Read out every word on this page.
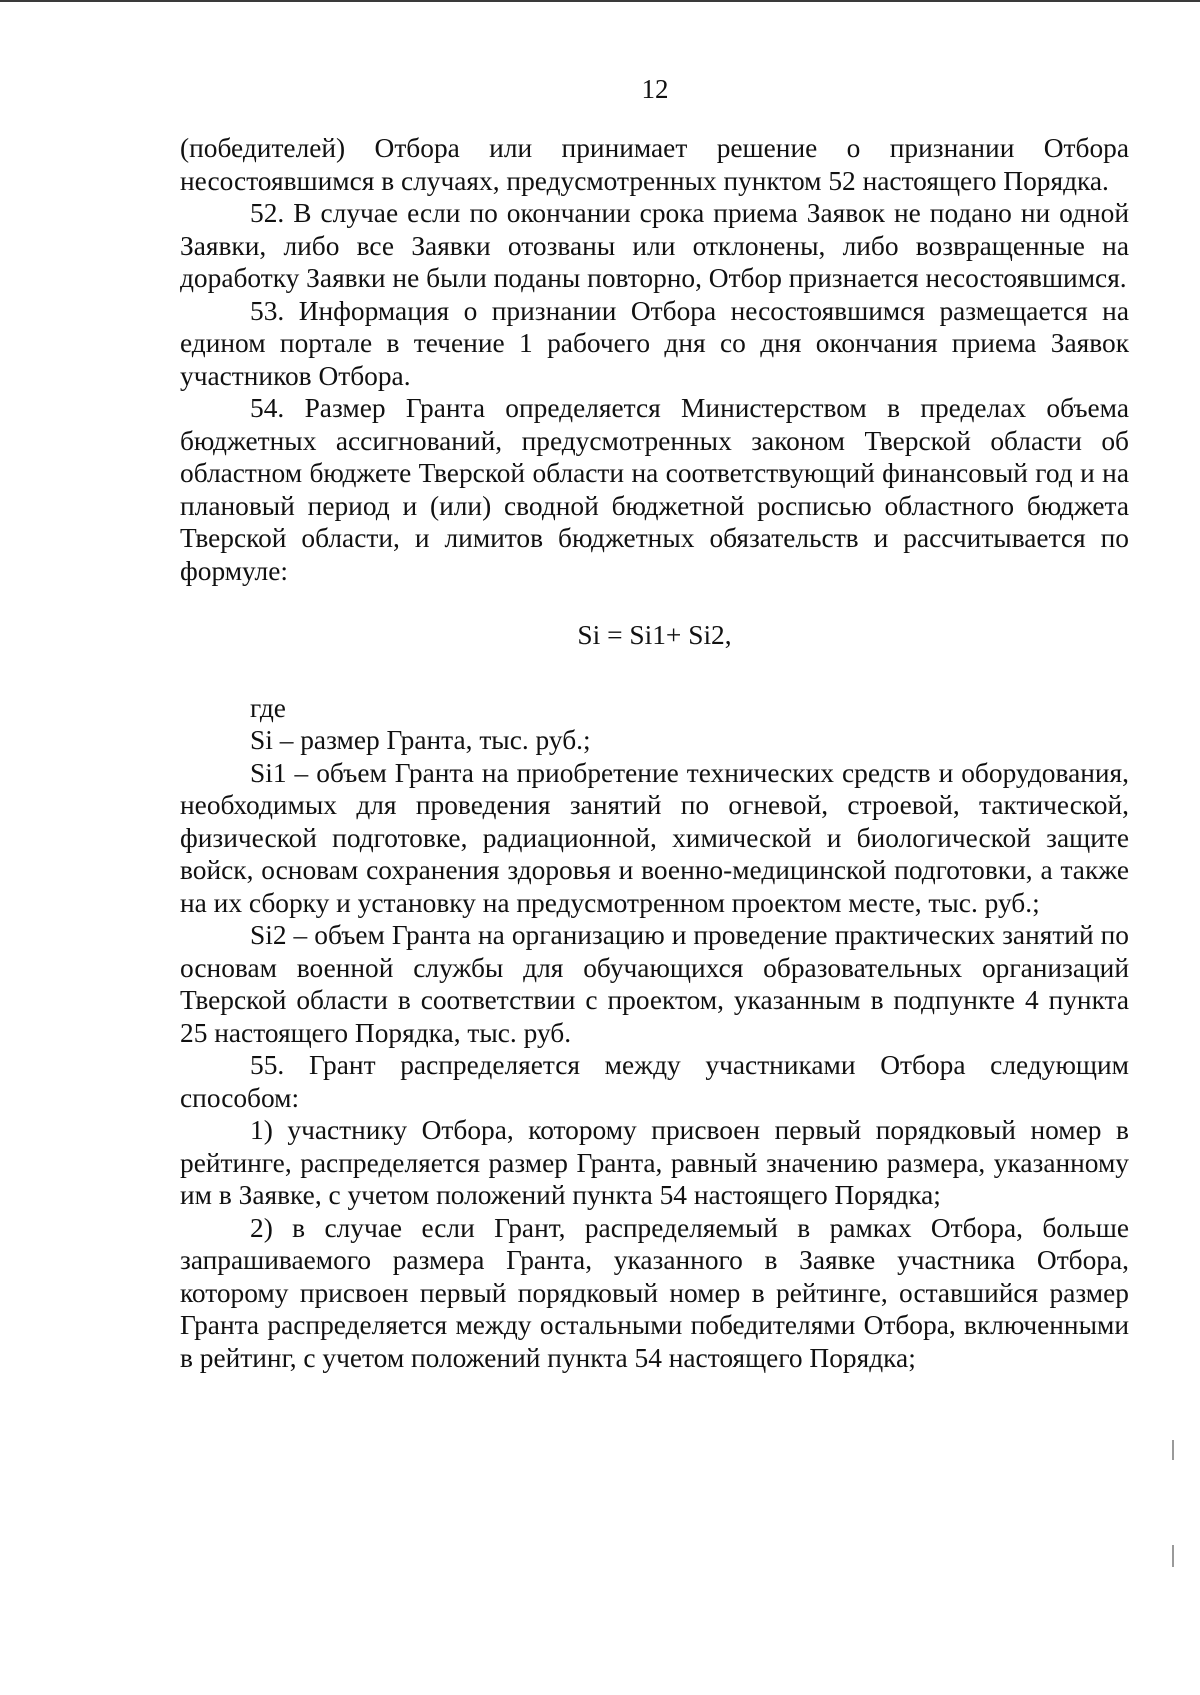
12

(победителей) Отбора или принимает решение о признании Отбора несостоявшимся в случаях, предусмотренных пунктом 52 настоящего Порядка.

52. В случае если по окончании срока приема Заявок не подано ни одной Заявки, либо все Заявки отозваны или отклонены, либо возвращенные на доработку Заявки не были поданы повторно, Отбор признается несостоявшимся.

53. Информация о признании Отбора несостоявшимся размещается на едином портале в течение 1 рабочего дня со дня окончания приема Заявок участников Отбора.

54. Размер Гранта определяется Министерством в пределах объема бюджетных ассигнований, предусмотренных законом Тверской области об областном бюджете Тверской области на соответствующий финансовый год и на плановый период и (или) сводной бюджетной росписью областного бюджета Тверской области, и лимитов бюджетных обязательств и рассчитывается по формуле:

Si = Si1+ Si2,

где

Si – размер Гранта, тыс. руб.;

Si1 – объем Гранта на приобретение технических средств и оборудования, необходимых для проведения занятий по огневой, строевой, тактической, физической подготовке, радиационной, химической и биологической защите войск, основам сохранения здоровья и военно-медицинской подготовки, а также на их сборку и установку на предусмотренном проектом месте, тыс. руб.;

Si2 – объем Гранта на организацию и проведение практических занятий по основам военной службы для обучающихся образовательных организаций Тверской области в соответствии с проектом, указанным в подпункте 4 пункта 25 настоящего Порядка, тыс. руб.

55. Грант распределяется между участниками Отбора следующим способом:

1) участнику Отбора, которому присвоен первый порядковый номер в рейтинге, распределяется размер Гранта, равный значению размера, указанному им в Заявке, с учетом положений пункта 54 настоящего Порядка;

2) в случае если Грант, распределяемый в рамках Отбора, больше запрашиваемого размера Гранта, указанного в Заявке участника Отбора, которому присвоен первый порядковый номер в рейтинге, оставшийся размер Гранта распределяется между остальными победителями Отбора, включенными в рейтинг, с учетом положений пункта 54 настоящего Порядка;
